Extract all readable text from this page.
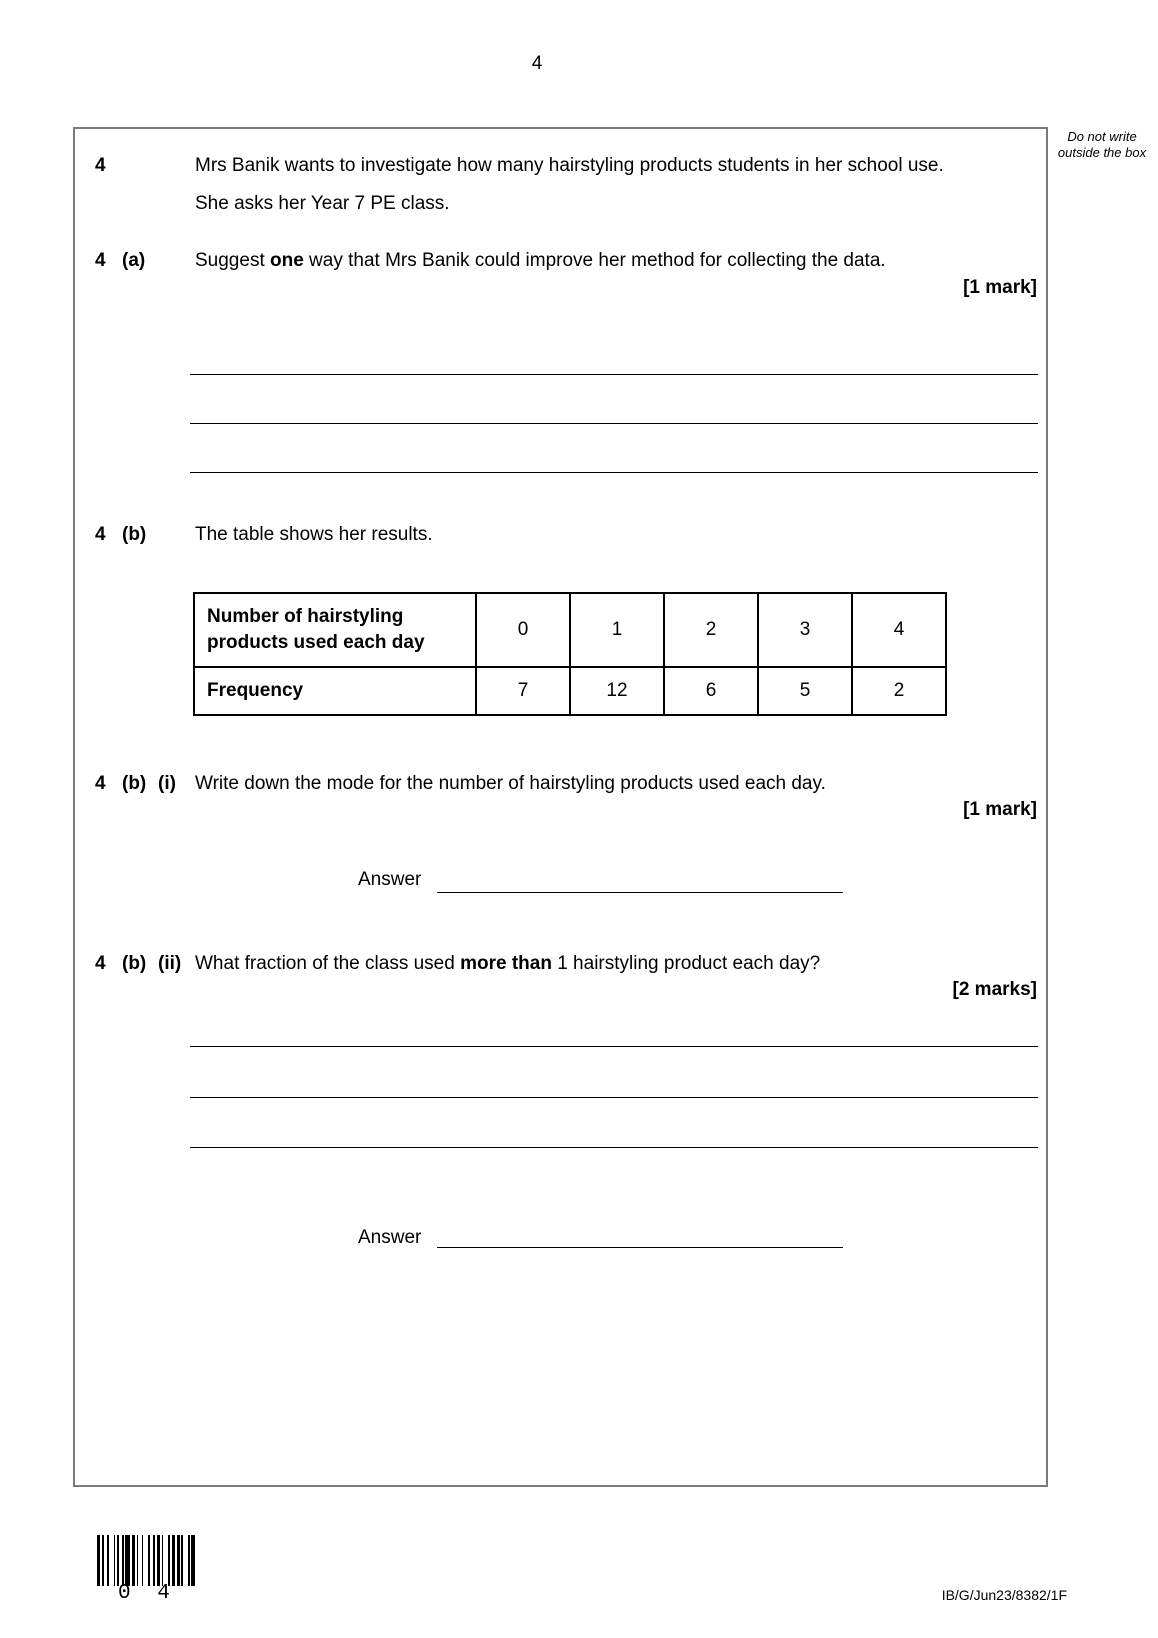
4
Do not write outside the box
4	Mrs Banik wants to investigate how many hairstyling products students in her school use.
She asks her Year 7 PE class.
4 (a)	Suggest one way that Mrs Banik could improve her method for collecting the data.
[1 mark]
4 (b)	The table shows her results.
Number of hairstyling products used each day	0	1	2	3	4
Frequency	7	12	6	5	2
4 (b) (i) Write down the mode for the number of hairstyling products used each day.
[1 mark]
Answer
4 (b) (ii) What fraction of the class used more than 1 hairstyling product each day?
[2 marks]
Answer
0 4	IB/G/Jun23/8382/1F
